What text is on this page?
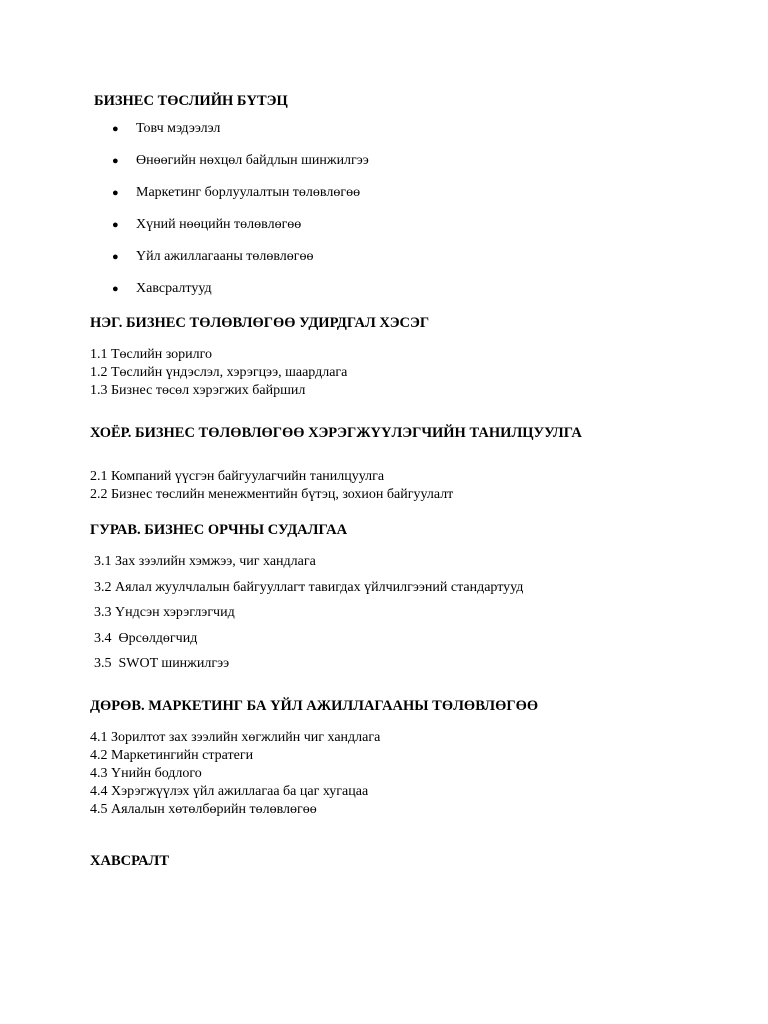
БИЗНЕС ТӨСЛИЙН БҮТЭЦ
● Товч мэдээлэл
● Өнөөгийн нөхцөл байдлын шинжилгээ
● Маркетинг борлуулалтын төлөвлөгөө
● Хүний нөөцийн төлөвлөгөө
● Үйл ажиллагааны төлөвлөгөө
● Хавсралтууд
НЭГ. БИЗНЕС ТӨЛӨВЛӨГӨӨ УДИРДГАЛ ХЭСЭГ
1.1 Төслийн зорилго
1.2 Төслийн үндэслэл, хэрэгцээ, шаардлага
1.3 Бизнес төсөл хэрэгжих байршил
ХОЁР. БИЗНЕС ТӨЛӨВЛӨГӨӨ ХЭРЭГЖҮҮЛЭГЧИЙН ТАНИЛЦУУЛГА
2.1 Компаний үүсгэн байгуулагчийн танилцуулга
2.2 Бизнес төслийн менежментийн бүтэц, зохион байгуулалт
ГУРАВ. БИЗНЕС ОРЧНЫ СУДАЛГАА
3.1 Зах зээлийн хэмжээ, чиг хандлага
3.2 Аялал жуулчлалын байгууллагт тавигдах үйлчилгээний стандартууд
3.3 Үндсэн хэрэглэгчид
3.4  Өрсөлдөгчид
3.5  SWOT шинжилгээ
ДӨРӨВ. МАРКЕТИНГ БА ҮЙЛ АЖИЛЛАГААНЫ ТӨЛӨВЛӨГӨӨ
4.1 Зорилтот зах зээлийн хөгжлийн чиг хандлага
4.2 Маркетингийн стратеги
4.3 Үнийн бодлого
4.4 Хэрэгжүүлэх үйл ажиллагаа ба цаг хугацаа
4.5 Аялалын хөтөлбөрийн төлөвлөгөө
ХАВСРАЛТ
